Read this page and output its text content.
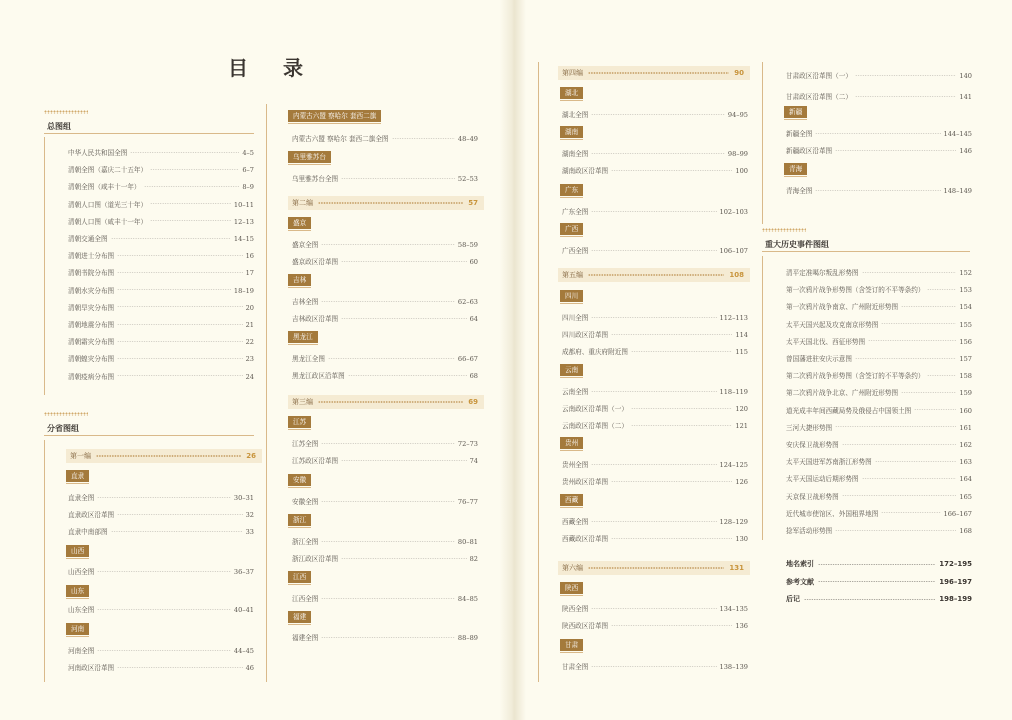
目 录
总图组
中华人民共和国全图	4–5
清朝全图（嘉庆二十五年）	6–7
清朝全图（咸丰十一年）	8–9
清朝人口图（道光三十年）	10–11
清朝人口图（咸丰十一年）	12–13
清朝交通全图	14–15
清朝进士分布图	16
清朝书院分布图	17
清朝水灾分布图	18–19
清朝旱灾分布图	20
清朝地震分布图	21
清朝霜灾分布图	22
清朝蝗灾分布图	23
清朝疫病分布图	24
分省图组
第一编	26
直隶
直隶全图	30–31
直隶政区沿革图	32
直隶中南部图	33
山西
山西全图	36–37
山东
山东全图	40–41
河南
河南全图	44–45
河南政区沿革图	46
内蒙古六盟 察哈尔 套西二旗
内蒙古六盟 察哈尔 套西二旗全图	48–49
乌里雅苏台
乌里雅苏台全图	52–53
第二编	57
盛京
盛京全图	58–59
盛京政区沿革图	60
吉林
吉林全图	62–63
吉林政区沿革图	64
黑龙江
黑龙江全图	66–67
黑龙江政区沿革图	68
第三编	69
江苏
江苏全图	72–73
江苏政区沿革图	74
安徽
安徽全图	76–77
浙江
浙江全图	80–81
浙江政区沿革图	82
江西
江西全图	84–85
福建
福建全图	88–89
第四编	90
湖北
湖北全图	94–95
湖南
湖南全图	98–99
湖南政区沿革图	100
广东
广东全图	102–103
广西
广西全图	106–107
第五编	108
四川
四川全图	112–113
四川政区沿革图	114
成都府、重庆府附近图	115
云南
云南全图	118–119
云南政区沿革图（一）	120
云南政区沿革图（二）	121
贵州
贵州全图	124–125
贵州政区沿革图	126
西藏
西藏全图	128–129
西藏政区沿革图	130
第六编	131
陕西
陕西全图	134–135
陕西政区沿革图	136
甘肃
甘肃全图	138–139
甘肃政区沿革图（一）	140
甘肃政区沿革图（二）	141
新疆
新疆全图	144–145
新疆政区沿革图	146
青海
青海全图	148–149
重大历史事件图组
清平定准噶尔叛乱形势图	152
第一次鸦片战争形势图（含签订的不平等条约）	153
第一次鸦片战争南京、广州附近形势图	154
太平天国兴起及攻克南京形势图	155
太平天国北伐、西征形势图	156
曾国藩进驻安庆示意图	157
第二次鸦片战争形势图（含签订的不平等条约）	158
第二次鸦片战争北京、广州附近形势图	159
道光成丰年间西藏局势及俄侵占中国领土图	160
三河大捷形势图	161
安庆保卫战形势图	162
太平天国进军苏南浙江形势图	163
太平天国运动后期形势图	164
天京保卫战形势图	165
近代城市使馆区、外国租界地图	166–167
捻军活动形势图	168
地名索引	172–195
参考文献	196–197
后记	198–199
